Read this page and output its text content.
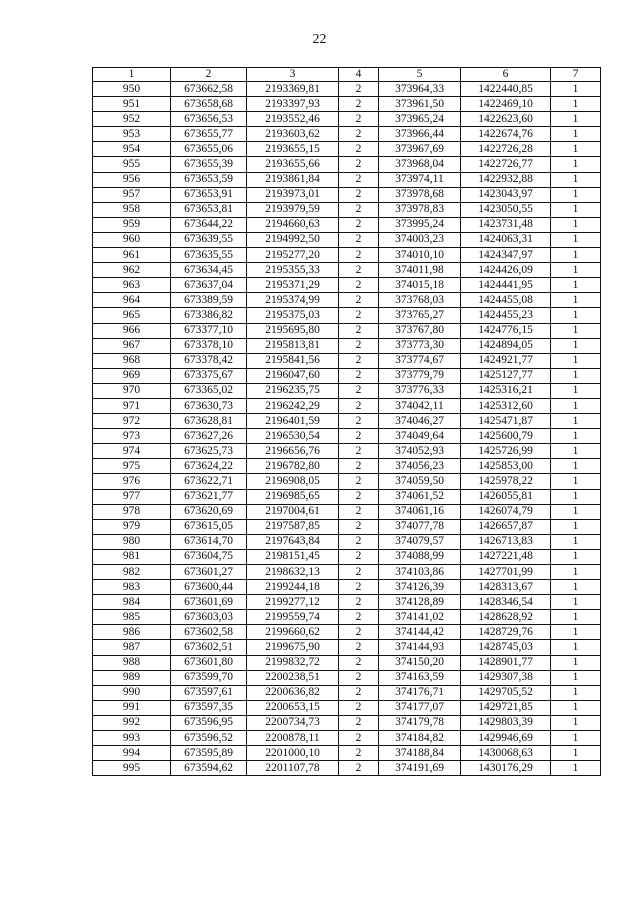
22
1	2	3	4	5	6	7
950	673662,58	2193369,81	2	373964,33	1422440,85	1
951	673658,68	2193397,93	2	373961,50	1422469,10	1
952	673656,53	2193552,46	2	373965,24	1422623,60	1
953	673655,77	2193603,62	2	373966,44	1422674,76	1
954	673655,06	2193655,15	2	373967,69	1422726,28	1
955	673655,39	2193655,66	2	373968,04	1422726,77	1
956	673653,59	2193861,84	2	373974,11	1422932,88	1
957	673653,91	2193973,01	2	373978,68	1423043,97	1
958	673653,81	2193979,59	2	373978,83	1423050,55	1
959	673644,22	2194660,63	2	373995,24	1423731,48	1
960	673639,55	2194992,50	2	374003,23	1424063,31	1
961	673635,55	2195277,20	2	374010,10	1424347,97	1
962	673634,45	2195355,33	2	374011,98	1424426,09	1
963	673637,04	2195371,29	2	374015,18	1424441,95	1
964	673389,59	2195374,99	2	373768,03	1424455,08	1
965	673386,82	2195375,03	2	373765,27	1424455,23	1
966	673377,10	2195695,80	2	373767,80	1424776,15	1
967	673378,10	2195813,81	2	373773,30	1424894,05	1
968	673378,42	2195841,56	2	373774,67	1424921,77	1
969	673375,67	2196047,60	2	373779,79	1425127,77	1
970	673365,02	2196235,75	2	373776,33	1425316,21	1
971	673630,73	2196242,29	2	374042,11	1425312,60	1
972	673628,81	2196401,59	2	374046,27	1425471,87	1
973	673627,26	2196530,54	2	374049,64	1425600,79	1
974	673625,73	2196656,76	2	374052,93	1425726,99	1
975	673624,22	2196782,80	2	374056,23	1425853,00	1
976	673622,71	2196908,05	2	374059,50	1425978,22	1
977	673621,77	2196985,65	2	374061,52	1426055,81	1
978	673620,69	2197004,61	2	374061,16	1426074,79	1
979	673615,05	2197587,85	2	374077,78	1426657,87	1
980	673614,70	2197643,84	2	374079,57	1426713,83	1
981	673604,75	2198151,45	2	374088,99	1427221,48	1
982	673601,27	2198632,13	2	374103,86	1427701,99	1
983	673600,44	2199244,18	2	374126,39	1428313,67	1
984	673601,69	2199277,12	2	374128,89	1428346,54	1
985	673603,03	2199559,74	2	374141,02	1428628,92	1
986	673602,58	2199660,62	2	374144,42	1428729,76	1
987	673602,51	2199675,90	2	374144,93	1428745,03	1
988	673601,80	2199832,72	2	374150,20	1428901,77	1
989	673599,70	2200238,51	2	374163,59	1429307,38	1
990	673597,61	2200636,82	2	374176,71	1429705,52	1
991	673597,35	2200653,15	2	374177,07	1429721,85	1
992	673596,95	2200734,73	2	374179,78	1429803,39	1
993	673596,52	2200878,11	2	374184,82	1429946,69	1
994	673595,89	2201000,10	2	374188,84	1430068,63	1
995	673594,62	2201107,78	2	374191,69	1430176,29	1
